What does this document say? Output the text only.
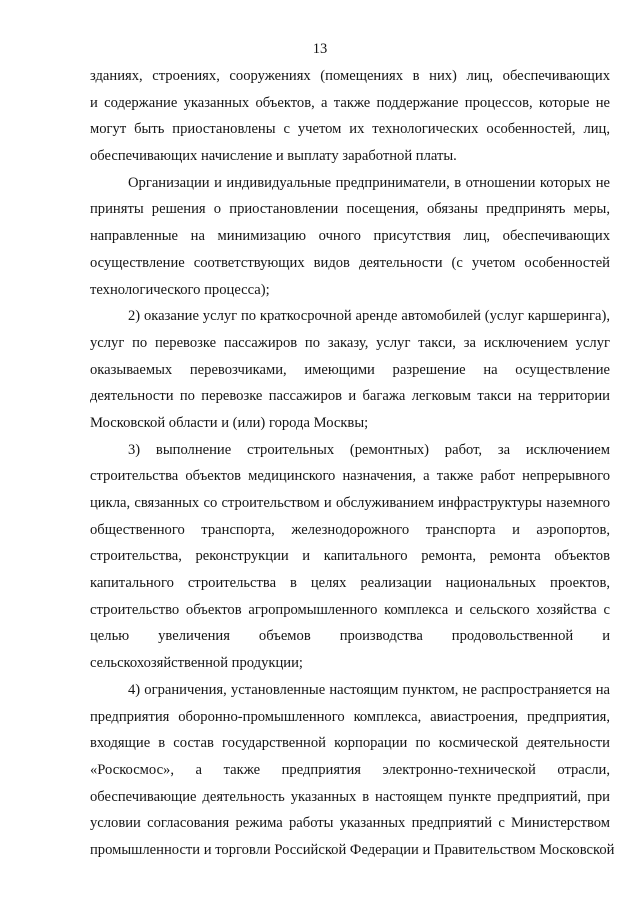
13
зданиях, строениях, сооружениях (помещениях в них) лиц, обеспечивающих
и содержание указанных объектов, а также поддержание процессов, которые не
могут быть приостановлены с учетом их технологических особенностей, лиц,
обеспечивающих начисление и выплату заработной платы.
Организации и индивидуальные предприниматели, в отношении которых не
приняты решения о приостановлении посещения, обязаны предпринять меры,
направленные на минимизацию очного присутствия лиц, обеспечивающих
осуществление соответствующих видов деятельности (с учетом особенностей
технологического процесса);
2) оказание услуг по краткосрочной аренде автомобилей (услуг каршеринга),
услуг по перевозке пассажиров по заказу, услуг такси, за исключением услуг
оказываемых перевозчиками, имеющими разрешение на осуществление
деятельности по перевозке пассажиров и багажа легковым такси на территории
Московской области и (или) города Москвы;
3) выполнение строительных (ремонтных) работ, за исключением
строительства объектов медицинского назначения, а также работ непрерывного
цикла, связанных со строительством и обслуживанием инфраструктуры наземного
общественного транспорта, железнодорожного транспорта и аэропортов,
строительства, реконструкции и капитального ремонта, ремонта объектов
капитального строительства в целях реализации национальных проектов,
строительство объектов агропромышленного комплекса и сельского хозяйства с
целью увеличения объемов производства продовольственной и
сельскохозяйственной продукции;
4) ограничения, установленные настоящим пунктом, не распространяется на
предприятия оборонно-промышленного комплекса, авиастроения, предприятия,
входящие в состав государственной корпорации по космической деятельности
«Роскосмос», а также предприятия электронно-технической отрасли,
обеспечивающие деятельность указанных в настоящем пункте предприятий, при
условии согласования режима работы указанных предприятий с Министерством
промышленности и торговли Российской Федерации и Правительством Московской
